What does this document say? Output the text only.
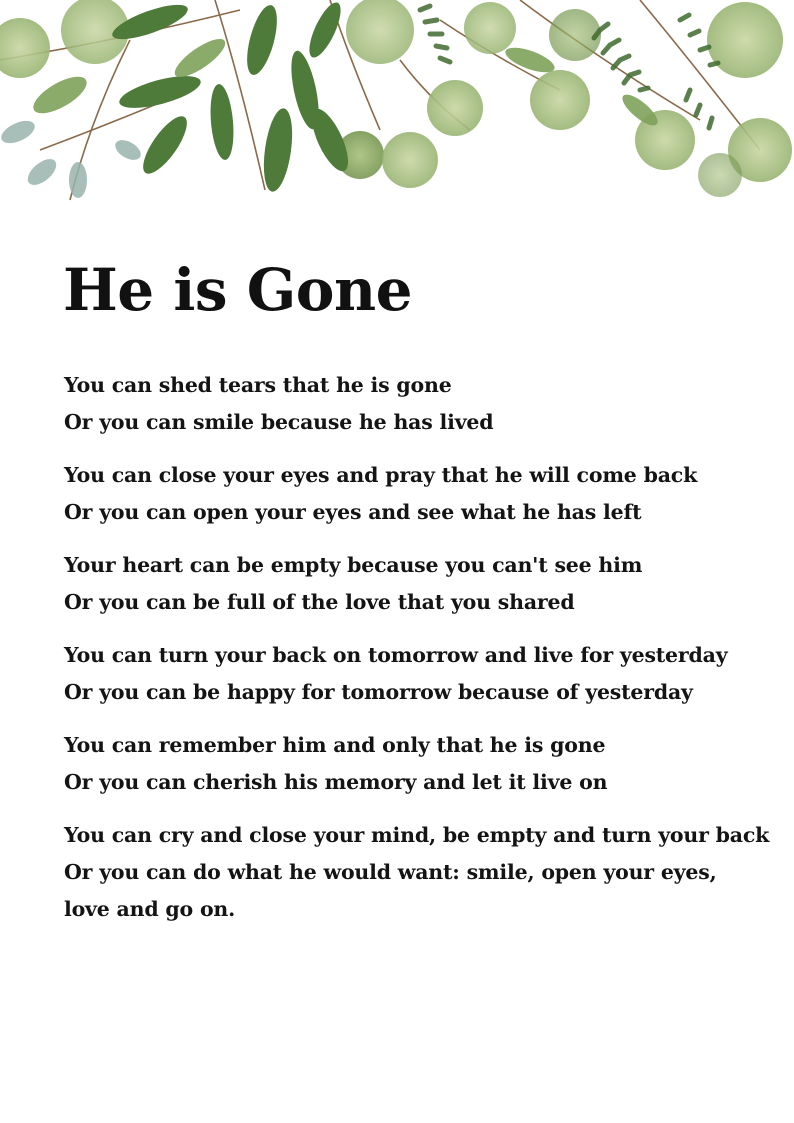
He is Gone
You can shed tears that he is gone
Or you can smile because he has lived
You can close your eyes and pray that he will come back
Or you can open your eyes and see what he has left
Your heart can be empty because you can't see him
Or you can be full of the love that you shared
You can turn your back on tomorrow and live for yesterday
Or you can be happy for tomorrow because of yesterday
You can remember him and only that he is gone
Or you can cherish his memory and let it live on
You can cry and close your mind, be empty and turn your back
Or you can do what he would want: smile, open your eyes, love and go on.
